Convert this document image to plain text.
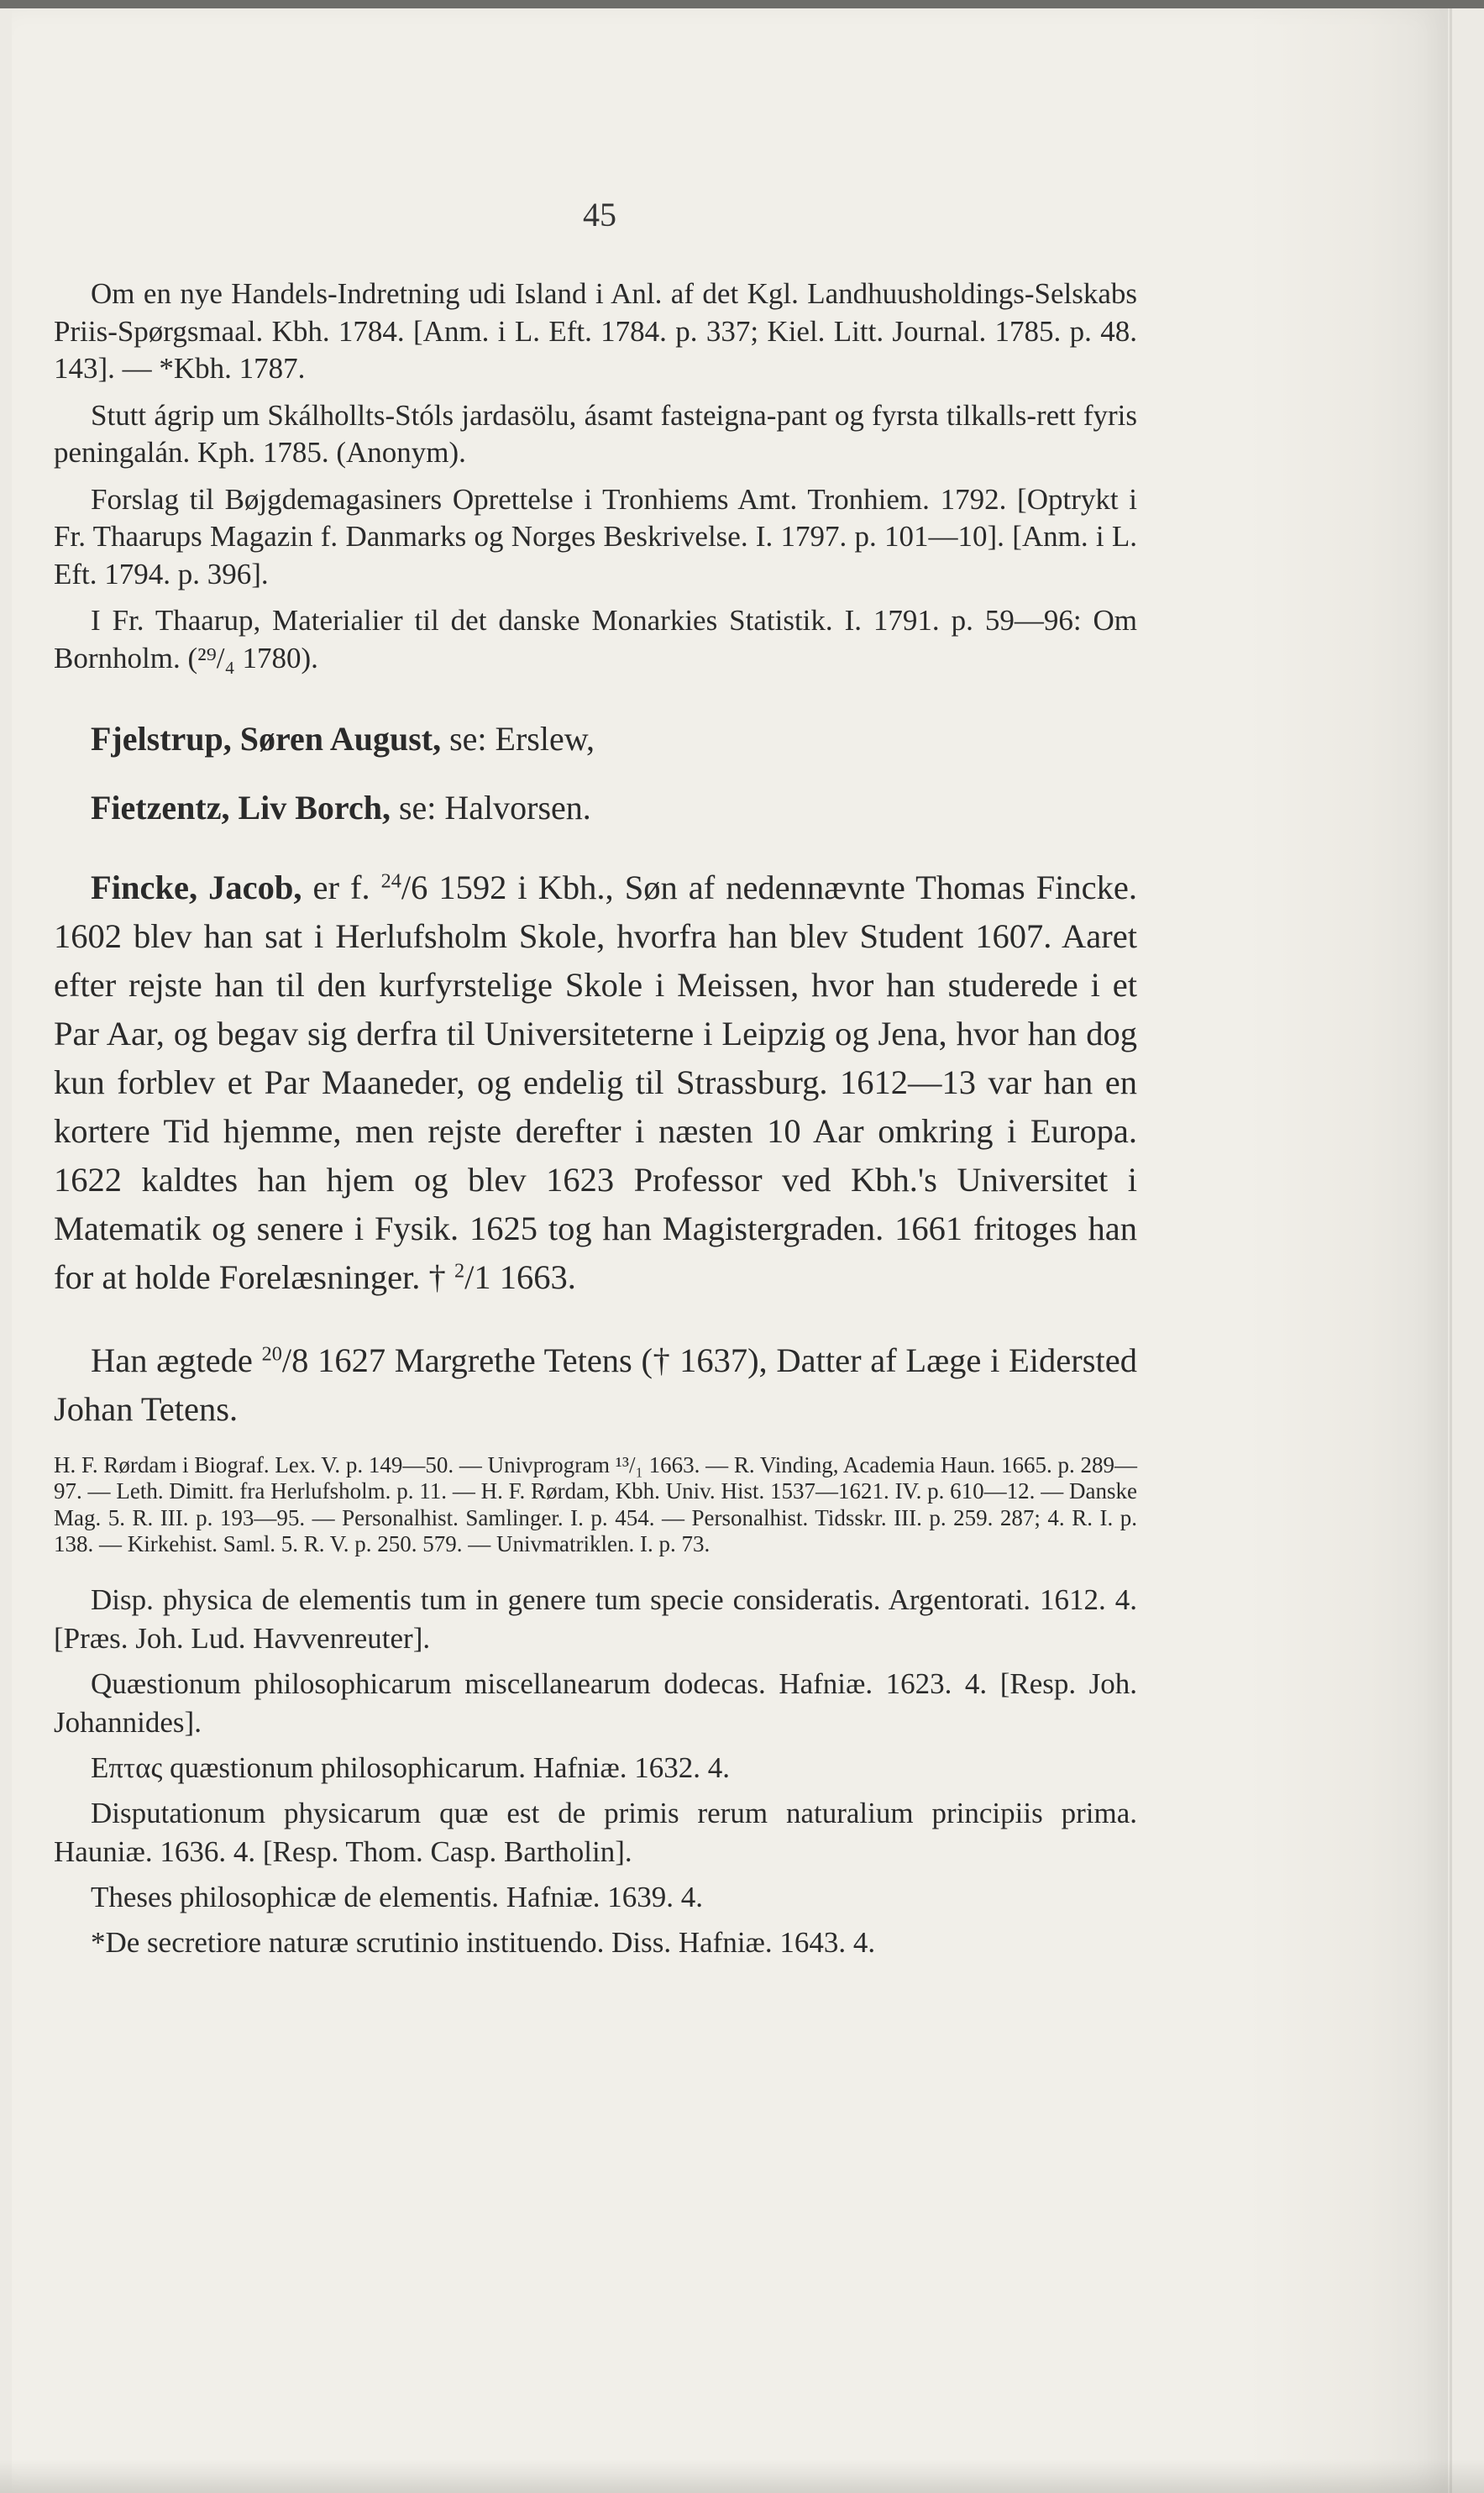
45

Om en nye Handels-Indretning udi Island i Anl. af det Kgl. Landhuusholdings-Selskabs Priis-Spørgsmaal. Kbh. 1784. [Anm. i L. Eft. 1784. p. 337; Kiel. Litt. Journal. 1785. p. 48. 143]. — *Kbh. 1787.

Stutt ágrip um Skálhollts-Stóls jardasölu, ásamt fasteigna-pant og fyrsta tilkalls-rett fyris peningalán. Kph. 1785. (Anonym).

Forslag til Bøjgdemagasiners Oprettelse i Tronhiems Amt. Tronhiem. 1792. [Optrykt i Fr. Thaarups Magazin f. Danmarks og Norges Beskrivelse. I. 1797. p. 101—10]. [Anm. i L. Eft. 1794. p. 396].

I Fr. Thaarup, Materialier til det danske Monarkies Statistik. I. 1791. p. 59—96: Om Bornholm. (²⁹/₄ 1780).

Fjelstrup, Søren August, se: Erslew,

Fietzentz, Liv Borch, se: Halvorsen.

Fincke, Jacob, er f. $^{24}$/6 1592 i Kbh., Søn af nedennævnte Thomas Fincke. 1602 blev han sat i Herlufsholm Skole, hvorfra han blev Student 1607. Aaret efter rejste han til den kurfyrstelige Skole i Meissen, hvor han studerede i et Par Aar, og begav sig derfra til Universiteterne i Leipzig og Jena, hvor han dog kun forblev et Par Maaneder, og endelig til Strassburg. 1612—13 var han en kortere Tid hjemme, men rejste derefter i næsten 10 Aar omkring i Europa. 1622 kaldtes han hjem og blev 1623 Professor ved Kbh.'s Universitet i Matematik og senere i Fysik. 1625 tog han Magistergraden. 1661 fritoges han for at holde Forelæsninger. † $^2$/1 1663.

Han ægtede $^{20}$/8 1627 Margrethe Tetens († 1637), Datter af Læge i Eidersted Johan Tetens.

H. F. Rørdam i Biograf. Lex. V. p. 149—50. — Univprogram ¹³/₁ 1663. — R. Vinding, Academia Haun. 1665. p. 289—97. — Leth. Dimitt. fra Herlufsholm. p. 11. — H. F. Rørdam, Kbh. Univ. Hist. 1537—1621. IV. p. 610—12. — Danske Mag. 5. R. III. p. 193—95. — Personalhist. Samlinger. I. p. 454. — Personalhist. Tidsskr. III. p. 259. 287; 4. R. I. p. 138. — Kirkehist. Saml. 5. R. V. p. 250. 579. — Univmatriklen. I. p. 73.

Disp. physica de elementis tum in genere tum specie consideratis. Argentorati. 1612. 4. [Præs. Joh. Lud. Havvenreuter].

Quæstionum philosophicarum miscellanearum dodecas. Hafniæ. 1623. 4. [Resp. Joh. Johannides].

Επτας quæstionum philosophicarum. Hafniæ. 1632. 4.

Disputationum physicarum quæ est de primis rerum naturalium principiis prima. Hauniæ. 1636. 4. [Resp. Thom. Casp. Bartholin].

Theses philosophicæ de elementis. Hafniæ. 1639. 4.

*De secretiore naturæ scrutinio instituendo. Diss. Hafniæ. 1643. 4.
